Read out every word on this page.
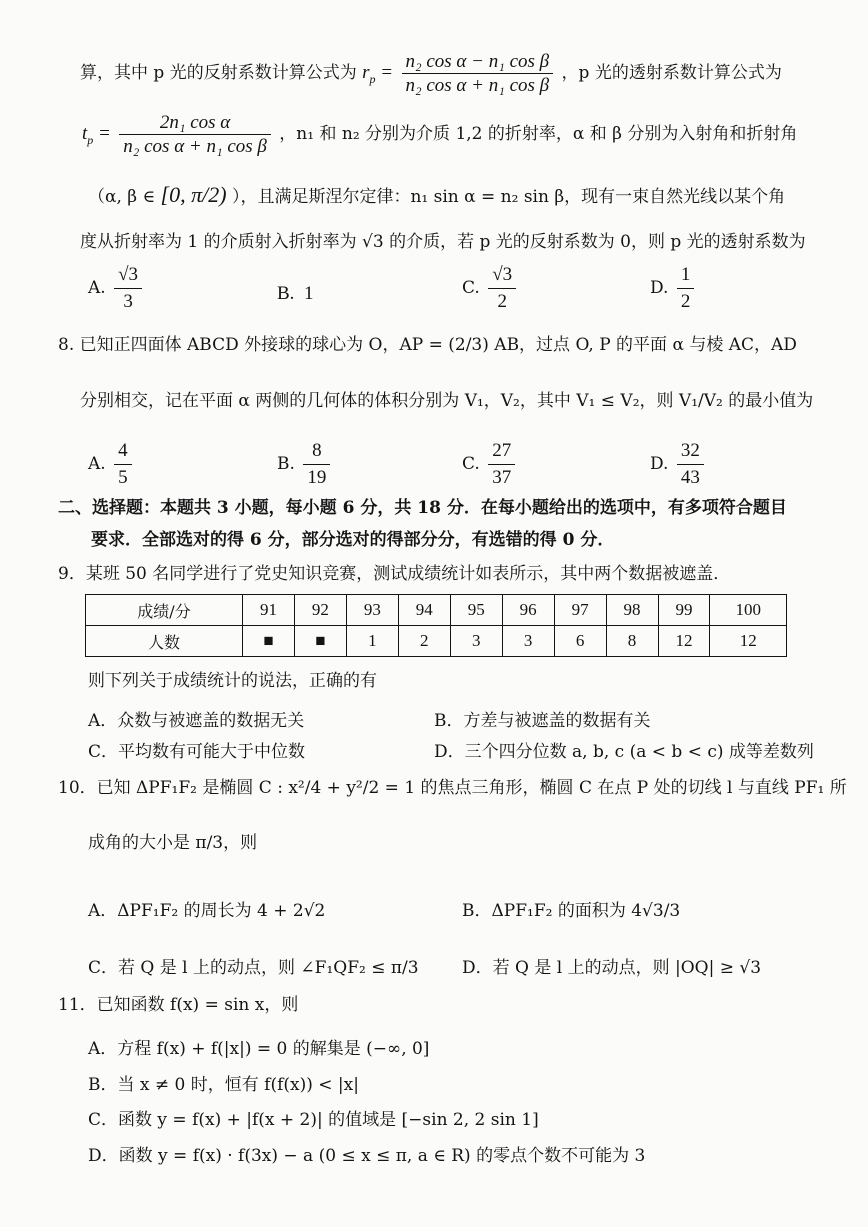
算，其中 p 光的反射系数计算公式为 $r_p = \frac{\text{n₂ cos α − n₁ cos β}}{\text{n₂ cos α + n₁ cos β}}$ ，p 光的透射系数计算公式为
$t_p = \frac{\text{2n₁ cos α}}{\text{n₂ cos α + n₁ cos β}}$ ，n₁ 和 n₂ 分别为介质 1,2 的折射率，α 和 β 分别为入射角和折射角
（α, β ∈ [0, π/2) ），且满足斯涅尔定律：n₁ sin α = n₂ sin β，现有一束自然光线以某个角
度从折射率为 1 的介质射入折射率为 √3 的介质，若 p 光的反射系数为 0，则 p 光的透射系数为
A. $\frac{√3}{3}$	B. 1	C. $\frac{√3}{2}$	D. $\frac{1}{2}$
8. 已知正四面体 ABCD 外接球的球心为 O，AP = (2/3) AB，过点 O, P 的平面 α 与棱 AC，AD
分别相交，记在平面 α 两侧的几何体的体积分别为 V₁，V₂，其中 V₁ ≤ V₂，则 V₁/V₂ 的最小值为
A. $\frac{4}{5}$	B. $\frac{8}{19}$	C. $\frac{27}{37}$	D. $\frac{32}{43}$
二、选择题：本题共 3 小题，每小题 6 分，共 18 分．在每小题给出的选项中，有多项符合题目
要求．全部选对的得 6 分，部分选对的得部分分，有选错的得 0 分．
9．某班 50 名同学进行了党史知识竞赛，测试成绩统计如表所示，其中两个数据被遮盖．
成绩/分	91	92	93	94	95	96	97	98	99	100
人数	■	■	1	2	3	3	6	8	12	12
则下列关于成绩统计的说法，正确的有
A．众数与被遮盖的数据无关	B．方差与被遮盖的数据有关
C．平均数有可能大于中位数	D．三个四分位数 a, b, c (a < b < c) 成等差数列
10．已知 ΔPF₁F₂ 是椭圆 C : x²/4 + y²/2 = 1 的焦点三角形，椭圆 C 在点 P 处的切线 l 与直线 PF₁ 所
成角的大小是 π/3，则
A．ΔPF₁F₂ 的周长为 4 + 2√2	B．ΔPF₁F₂ 的面积为 4√3/3
C．若 Q 是 l 上的动点，则 ∠F₁QF₂ ≤ π/3	D．若 Q 是 l 上的动点，则 |OQ| ≥ √3
11．已知函数 f(x) = sin x，则
A．方程 f(x) + f(|x|) = 0 的解集是 (−∞, 0]
B．当 x ≠ 0 时，恒有 f(f(x)) < |x|
C．函数 y = f(x) + |f(x + 2)| 的值域是 [−sin 2, 2 sin 1]
D．函数 y = f(x) · f(3x) − a (0 ≤ x ≤ π, a ∈ R) 的零点个数不可能为 3
